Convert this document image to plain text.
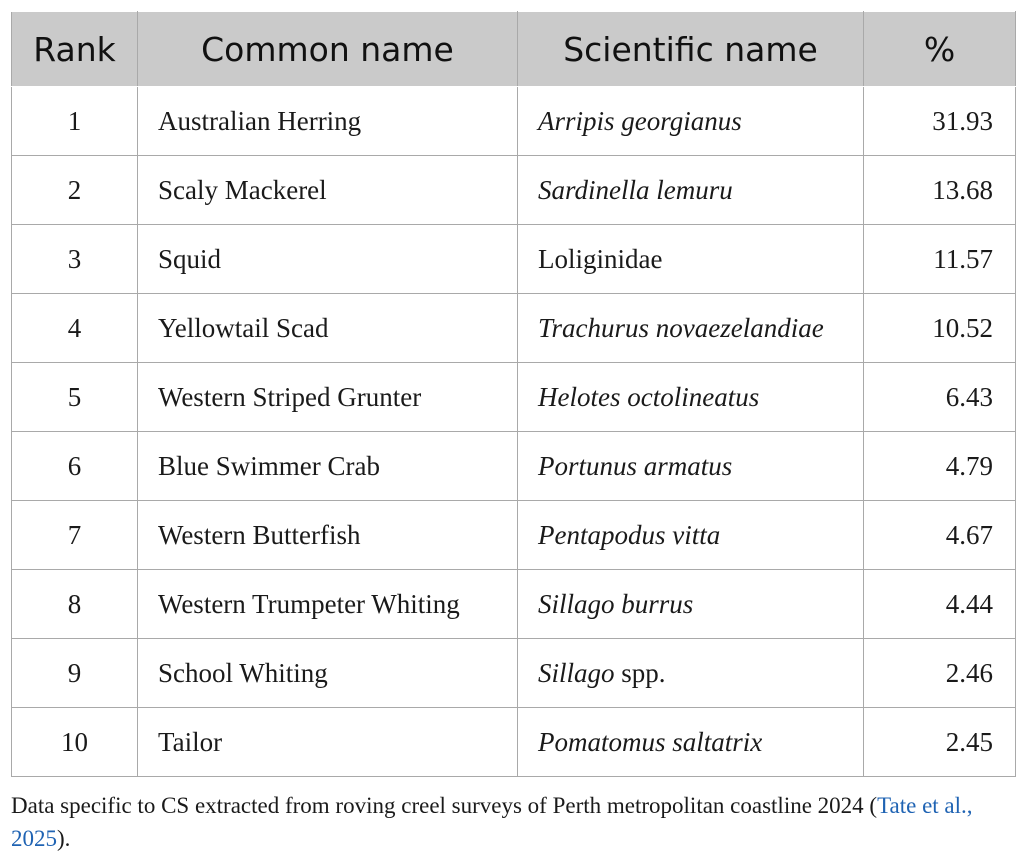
Rank	Common name	Scientific name	%
1	Australian Herring	Arripis georgianus	31.93
2	Scaly Mackerel	Sardinella lemuru	13.68
3	Squid	Loliginidae	11.57
4	Yellowtail Scad	Trachurus novaezelandiae	10.52
5	Western Striped Grunter	Helotes octolineatus	6.43
6	Blue Swimmer Crab	Portunus armatus	4.79
7	Western Butterfish	Pentapodus vitta	4.67
8	Western Trumpeter Whiting	Sillago burrus	4.44
9	School Whiting	Sillago spp.	2.46
10	Tailor	Pomatomus saltatrix	2.45

Data specific to CS extracted from roving creel surveys of Perth metropolitan coastline 2024 (Tate et al., 2025).
